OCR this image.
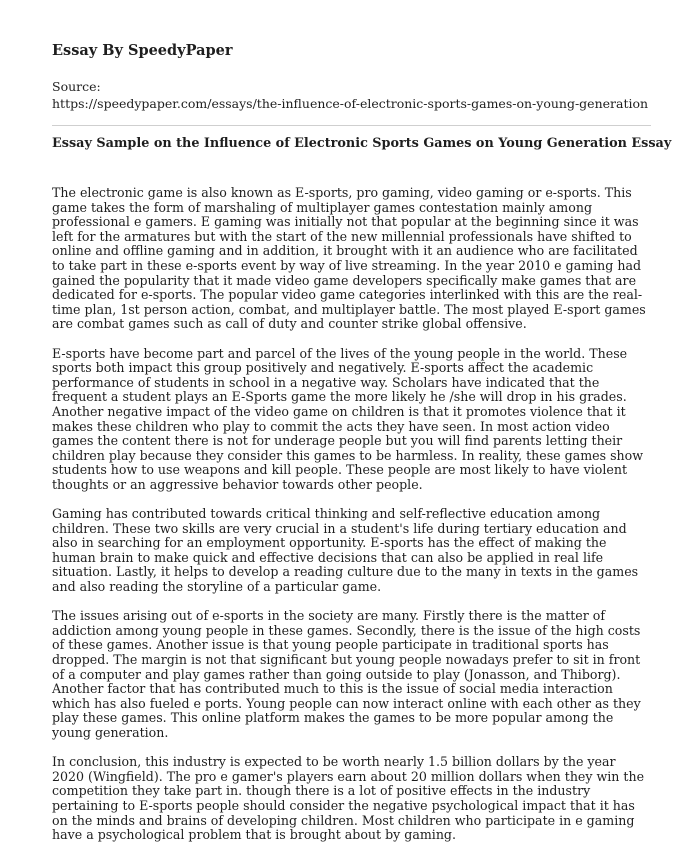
Essay By SpeedyPaper
Source:
https://speedypaper.com/essays/the-influence-of-electronic-sports-games-on-young-generation
Essay Sample on the Influence of Electronic Sports Games on Young Generation Essay

The electronic game is also known as E-sports, pro gaming, video gaming or e-sports. This game takes the form of marshaling of multiplayer games contestation mainly among professional e gamers. E gaming was initially not that popular at the beginning since it was left for the armatures but with the start of the new millennial professionals have shifted to online and offline gaming and in addition, it brought with it an audience who are facilitated to take part in these e-sports event by way of live streaming. In the year 2010 e gaming had gained the popularity that it made video game developers specifically make games that are dedicated for e-sports. The popular video game categories interlinked with this are the real-time plan, 1st person action, combat, and multiplayer battle. The most played E-sport games are combat games such as call of duty and counter strike global offensive.

E-sports have become part and parcel of the lives of the young people in the world. These sports both impact this group positively and negatively. E-sports affect the academic performance of students in school in a negative way. Scholars have indicated that the frequent a student plays an E-Sports game the more likely he /she will drop in his grades. Another negative impact of the video game on children is that it promotes violence that it makes these children who play to commit the acts they have seen. In most action video games the content there is not for underage people but you will find parents letting their children play because they consider this games to be harmless. In reality, these games show students how to use weapons and kill people. These people are most likely to have violent thoughts or an aggressive behavior towards other people.

Gaming has contributed towards critical thinking and self-reflective education among children. These two skills are very crucial in a student's life during tertiary education and also in searching for an employment opportunity. E-sports has the effect of making the human brain to make quick and effective decisions that can also be applied in real life situation. Lastly, it helps to develop a reading culture due to the many in texts in the games and also reading the storyline of a particular game.

The issues arising out of e-sports in the society are many. Firstly there is the matter of addiction among young people in these games. Secondly, there is the issue of the high costs of these games. Another issue is that young people participate in traditional sports has dropped. The margin is not that significant but young people nowadays prefer to sit in front of a computer and play games rather than going outside to play (Jonasson, and Thiborg). Another factor that has contributed much to this is the issue of social media interaction which has also fueled e ports. Young people can now interact online with each other as they play these games. This online platform makes the games to be more popular among the young generation.

In conclusion, this industry is expected to be worth nearly 1.5 billion dollars by the year 2020 (Wingfield). The pro e gamer's players earn about 20 million dollars when they win the competition they take part in. though there is a lot of positive effects in the industry pertaining to E-sports people should consider the negative psychological impact that it has on the minds and brains of developing children. Most children who participate in e gaming have a psychological problem that is brought about by gaming.
